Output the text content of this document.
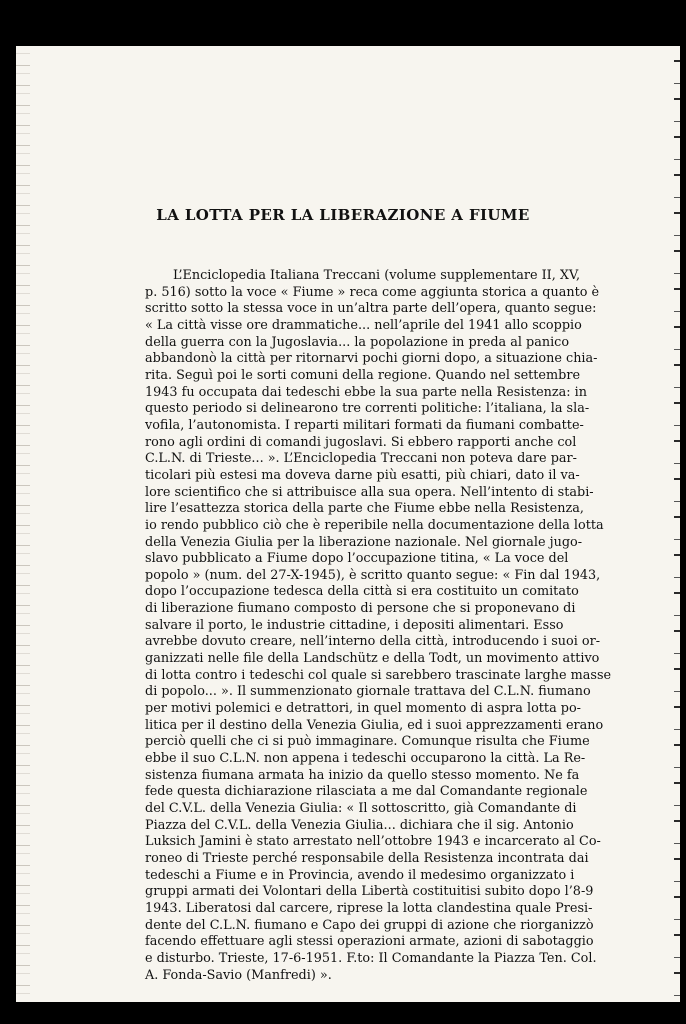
LA LOTTA PER LA LIBERAZIONE A FIUME
L’Enciclopedia Italiana Treccani (volume supplementare II, XV,
p. 516) sotto la voce « Fiume » reca come aggiunta storica a quanto è
scritto sotto la stessa voce in un’altra parte dell’opera, quanto segue:
« La città visse ore drammatiche... nell’aprile del 1941 allo scoppio
della guerra con la Jugoslavia... la popolazione in preda al panico
abbandonò la città per ritornarvi pochi giorni dopo, a situazione chia-
rita. Seguì poi le sorti comuni della regione. Quando nel settembre
1943 fu occupata dai tedeschi ebbe la sua parte nella Resistenza: in
questo periodo si delinearono tre correnti politiche: l’italiana, la sla-
vofila, l’autonomista. I reparti militari formati da fiumani combatte-
rono agli ordini di comandi jugoslavi. Si ebbero rapporti anche col
C.L.N. di Trieste... ». L’Enciclopedia Treccani non poteva dare par-
ticolari più estesi ma doveva darne più esatti, più chiari, dato il va-
lore scientifico che si attribuisce alla sua opera. Nell’intento di stabi-
lire l’esattezza storica della parte che Fiume ebbe nella Resistenza,
io rendo pubblico ciò che è reperibile nella documentazione della lotta
della Venezia Giulia per la liberazione nazionale. Nel giornale jugo-
slavo pubblicato a Fiume dopo l’occupazione titina, « La voce del
popolo » (num. del 27-X-1945), è scritto quanto segue: « Fin dal 1943,
dopo l’occupazione tedesca della città si era costituito un comitato
di liberazione fiumano composto di persone che si proponevano di
salvare il porto, le industrie cittadine, i depositi alimentari. Esso
avrebbe dovuto creare, nell’interno della città, introducendo i suoi or-
ganizzati nelle file della Landschütz e della Todt, un movimento attivo
di lotta contro i tedeschi col quale si sarebbero trascinate larghe masse
di popolo... ». Il summenzionato giornale trattava del C.L.N. fiumano
per motivi polemici e detrattori, in quel momento di aspra lotta po-
litica per il destino della Venezia Giulia, ed i suoi apprezzamenti erano
perciò quelli che ci si può immaginare. Comunque risulta che Fiume
ebbe il suo C.L.N. non appena i tedeschi occuparono la città. La Re-
sistenza fiumana armata ha inizio da quello stesso momento. Ne fa
fede questa dichiarazione rilasciata a me dal Comandante regionale
del C.V.L. della Venezia Giulia: « Il sottoscritto, già Comandante di
Piazza del C.V.L. della Venezia Giulia... dichiara che il sig. Antonio
Luksich Jamini è stato arrestato nell’ottobre 1943 e incarcerato al Co-
roneo di Trieste perché responsabile della Resistenza incontrata dai
tedeschi a Fiume e in Provincia, avendo il medesimo organizzato i
gruppi armati dei Volontari della Libertà costituitisi subito dopo l’8-9
1943. Liberatosi dal carcere, riprese la lotta clandestina quale Presi-
dente del C.L.N. fiumano e Capo dei gruppi di azione che riorganizzò
facendo effettuare agli stessi operazioni armate, azioni di sabotaggio
e disturbo. Trieste, 17-6-1951. F.to: Il Comandante la Piazza Ten. Col.
A. Fonda-Savio (Manfredi) ».
